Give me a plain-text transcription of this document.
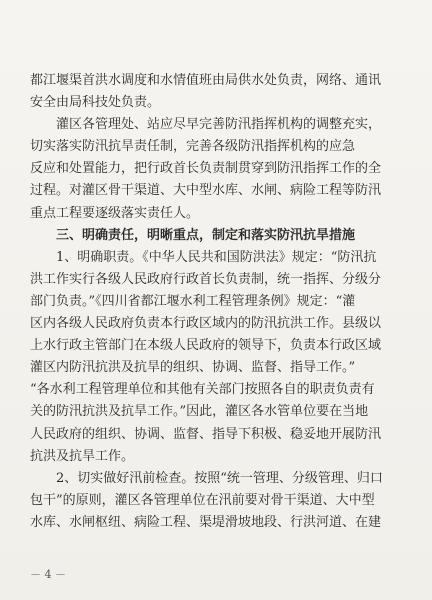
都江堰渠首洪水调度和水情值班由局供水处负责，网络、通讯
安全由局科技处负责。
灌区各管理处、站应尽早完善防汛指挥机构的调整充实，
切实落实防汛抗旱责任制，完善各级防汛指挥机构的应急
反应和处置能力，把行政首长负责制贯穿到防汛指挥工作的全
过程。对灌区骨干渠道、大中型水库、水闸、病险工程等防汛
重点工程要逐级落实责任人。
三、明确责任，明晰重点，制定和落实防汛抗旱措施
1、明确职责。《中华人民共和国防洪法》规定：“防汛抗
洪工作实行各级人民政府行政首长负责制，统一指挥、分级分
部门负责。”《四川省都江堰水利工程管理条例》规定：“灌
区内各级人民政府负责本行政区域内的防汛抗洪工作。县级以
上水行政主管部门在本级人民政府的领导下，负责本行政区域
灌区内防汛抗洪及抗旱的组织、协调、监督、指导工作。”
“各水利工程管理单位和其他有关部门按照各自的职责负责有
关的防汛抗洪及抗旱工作。”因此，灌区各水管单位要在当地
人民政府的组织、协调、监督、指导下积极、稳妥地开展防汛
抗洪及抗旱工作。
2、切实做好汛前检查。按照“统一管理、分级管理、归口
包干”的原则，灌区各管理单位在汛前要对骨干渠道、大中型
水库、水闸枢纽、病险工程、渠堤滑坡地段、行洪河道、在建
－ 4 －
